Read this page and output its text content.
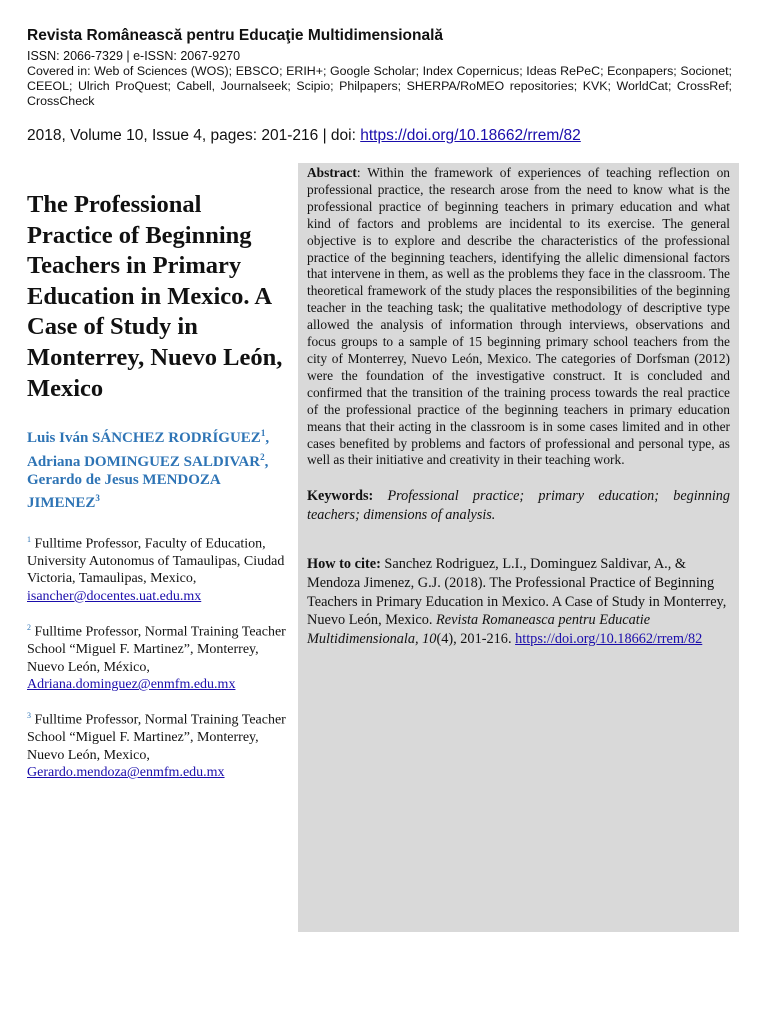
Revista Românească pentru Educaţie Multidimensională
ISSN: 2066-7329 | e-ISSN: 2067-9270
Covered in: Web of Sciences (WOS); EBSCO; ERIH+; Google Scholar; Index Copernicus; Ideas RePeC; Econpapers; Socionet; CEEOL; Ulrich ProQuest; Cabell, Journalseek; Scipio; Philpapers; SHERPA/RoMEO repositories; KVK; WorldCat; CrossRef; CrossCheck
2018, Volume 10, Issue 4, pages: 201-216 | doi: https://doi.org/10.18662/rrem/82
The Professional Practice of Beginning Teachers in Primary Education in Mexico. A Case of Study in Monterrey, Nuevo León, Mexico
Luis Iván SÁNCHEZ RODRÍGUEZ$^1$,
Adriana DOMINGUEZ SALDIVAR$^2$,
Gerardo de Jesus MENDOZA JIMENEZ$^3$
$^1$ Fulltime Professor, Faculty of Education, University Autonomus of Tamaulipas, Ciudad Victoria, Tamaulipas, Mexico, isancher@docentes.uat.edu.mx
$^2$ Fulltime Professor, Normal Training Teacher School “Miguel F. Martinez”, Monterrey, Nuevo León, México, Adriana.dominguez@enmfm.edu.mx
$^3$ Fulltime Professor, Normal Training Teacher School “Miguel F. Martinez”, Monterrey, Nuevo León, Mexico, Gerardo.mendoza@enmfm.edu.mx

Abstract: Within the framework of experiences of teaching reflection on professional practice, the research arose from the need to know what is the professional practice of beginning teachers in primary education and what kind of factors and problems are incidental to its exercise. The general objective is to explore and describe the characteristics of the professional practice of the beginning teachers, identifying the allelic dimensional factors that intervene in them, as well as the problems they face in the classroom. The theoretical framework of the study places the responsibilities of the beginning teacher in the teaching task; the qualitative methodology of descriptive type allowed the analysis of information through interviews, observations and focus groups to a sample of 15 beginning primary school teachers from the city of Monterrey, Nuevo León, Mexico. The categories of Dorfsman (2012) were the foundation of the investigative construct. It is concluded and confirmed that the transition of the training process towards the real practice of the professional practice of the beginning teachers in primary education means that their acting in the classroom is in some cases limited and in other cases benefited by problems and factors of professional and personal type, as well as their initiative and creativity in their teaching work.

Keywords: Professional practice; primary education; beginning teachers; dimensions of analysis.
How to cite: Sanchez Rodriguez, L.I., Dominguez Saldivar, A., & Mendoza Jimenez, G.J. (2018). The Professional Practice of Beginning Teachers in Primary Education in Mexico. A Case of Study in Monterrey, Nuevo León, Mexico. Revista Romaneasca pentru Educatie Multidimensionala, 10(4), 201-216. https://doi.org/10.18662/rrem/82
